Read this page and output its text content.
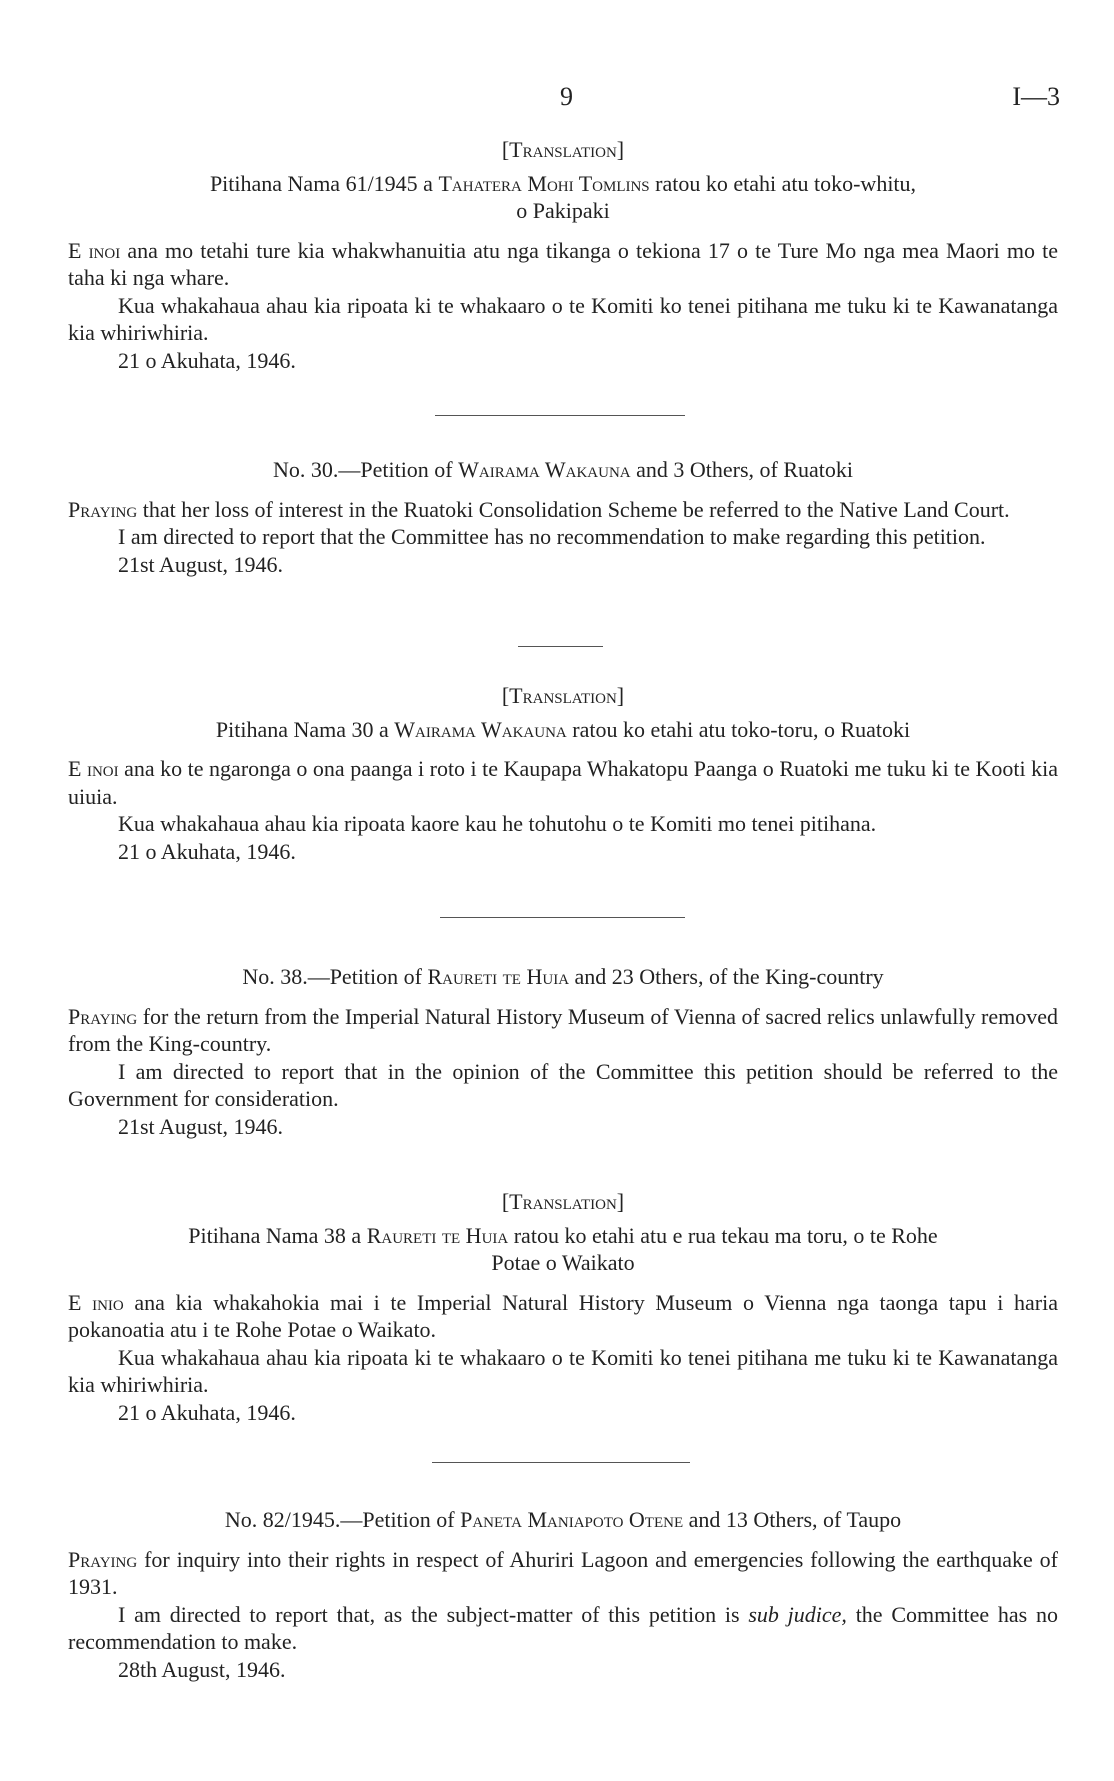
9	I—3

[Translation]

Pitihana Nama 61/1945 a Tahatera Mohi Tomlins ratou ko etahi atu toko-whitu,
o Pakipaki

E inoi ana mo tetahi ture kia whakwhanuitia atu nga tikanga o tekiona 17 o te Ture Mo nga mea Maori mo te taha ki nga whare.

Kua whakahaua ahau kia ripoata ki te whakaaro o te Komiti ko tenei pitihana me tuku ki te Kawanatanga kia whiriwhiria.

21 o Akuhata, 1946.

No. 30.—Petition of Wairama Wakauna and 3 Others, of Ruatoki

Praying that her loss of interest in the Ruatoki Consolidation Scheme be referred to the Native Land Court.

I am directed to report that the Committee has no recommendation to make regarding this petition.

21st August, 1946.

[Translation]

Pitihana Nama 30 a Wairama Wakauna ratou ko etahi atu toko-toru, o Ruatoki

E inoi ana ko te ngaronga o ona paanga i roto i te Kaupapa Whakatopu Paanga o Ruatoki me tuku ki te Kooti kia uiuia.

Kua whakahaua ahau kia ripoata kaore kau he tohutohu o te Komiti mo tenei pitihana.

21 o Akuhata, 1946.

No. 38.—Petition of Raureti te Huia and 23 Others, of the King-country

Praying for the return from the Imperial Natural History Museum of Vienna of sacred relics unlawfully removed from the King-country.

I am directed to report that in the opinion of the Committee this petition should be referred to the Government for consideration.

21st August, 1946.

[Translation]

Pitihana Nama 38 a Raureti te Huia ratou ko etahi atu e rua tekau ma toru, o te Rohe
Potae o Waikato

E inio ana kia whakahokia mai i te Imperial Natural History Museum o Vienna nga taonga tapu i haria pokanoatia atu i te Rohe Potae o Waikato.

Kua whakahaua ahau kia ripoata ki te whakaaro o te Komiti ko tenei pitihana me tuku ki te Kawanatanga kia whiriwhiria.

21 o Akuhata, 1946.

No. 82/1945.—Petition of Paneta Maniapoto Otene and 13 Others, of Taupo

Praying for inquiry into their rights in respect of Ahuriri Lagoon and emergencies following the earthquake of 1931.

I am directed to report that, as the subject-matter of this petition is sub judice, the Committee has no recommendation to make.

28th August, 1946.
